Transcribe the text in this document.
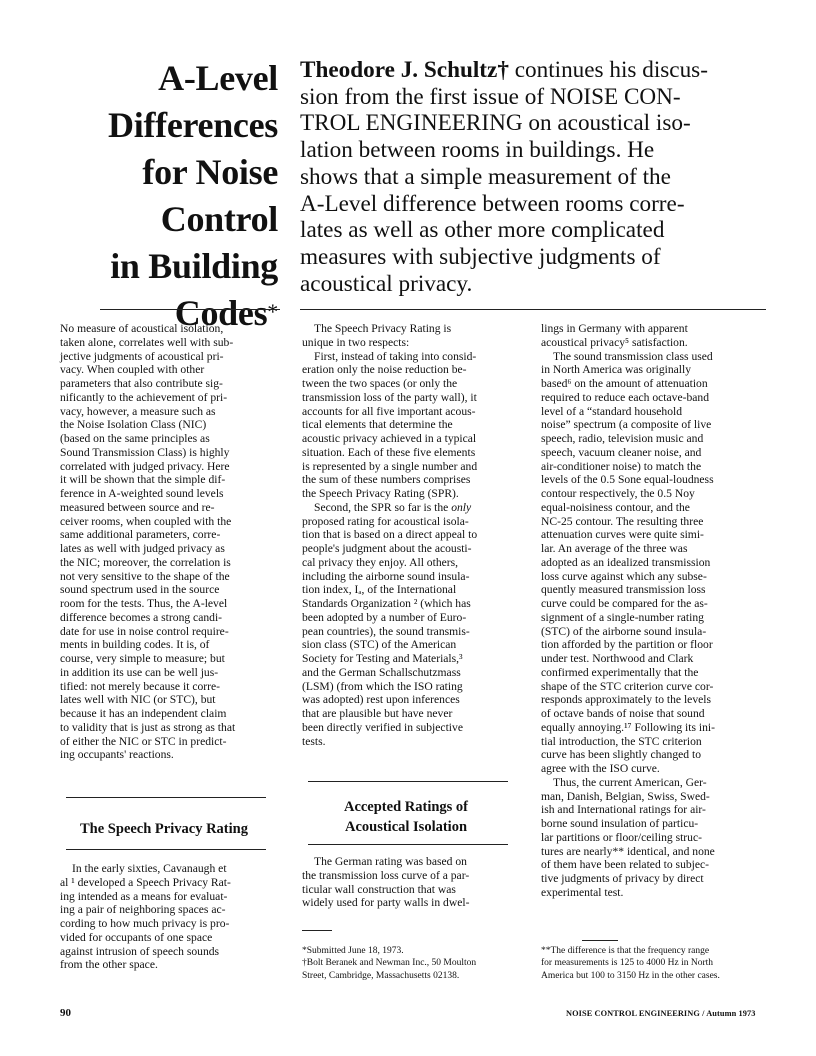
A-Level
Differences
for Noise
Control
in Building
Codes*
Theodore J. Schultz† continues his discus-
sion from the first issue of NOISE CON-
TROL ENGINEERING on acoustical iso-
lation between rooms in buildings. He
shows that a simple measurement of the
A-Level difference between rooms corre-
lates as well as other more complicated
measures with subjective judgments of
acoustical privacy.
No measure of acoustical isolation,
taken alone, correlates well with sub-
jective judgments of acoustical pri-
vacy. When coupled with other
parameters that also contribute sig-
nificantly to the achievement of pri-
vacy, however, a measure such as
the Noise Isolation Class (NIC)
(based on the same principles as
Sound Transmission Class) is highly
correlated with judged privacy. Here
it will be shown that the simple dif-
ference in A-weighted sound levels
measured between source and re-
ceiver rooms, when coupled with the
same additional parameters, corre-
lates as well with judged privacy as
the NIC; moreover, the correlation is
not very sensitive to the shape of the
sound spectrum used in the source
room for the tests. Thus, the A-level
difference becomes a strong candi-
date for use in noise control require-
ments in building codes. It is, of
course, very simple to measure; but
in addition its use can be well jus-
tified: not merely because it corre-
lates well with NIC (or STC), but
because it has an independent claim
to validity that is just as strong as that
of either the NIC or STC in predict-
ing occupants' reactions.
The Speech Privacy Rating
In the early sixties, Cavanaugh et
al ¹ developed a Speech Privacy Rat-
ing intended as a means for evaluat-
ing a pair of neighboring spaces ac-
cording to how much privacy is pro-
vided for occupants of one space
against intrusion of speech sounds
from the other space.
The Speech Privacy Rating is
unique in two respects:
First, instead of taking into consid-
eration only the noise reduction be-
tween the two spaces (or only the
transmission loss of the party wall), it
accounts for all five important acous-
tical elements that determine the
acoustic privacy achieved in a typical
situation. Each of these five elements
is represented by a single number and
the sum of these numbers comprises
the Speech Privacy Rating (SPR).
Second, the SPR so far is the only
proposed rating for acoustical isola-
tion that is based on a direct appeal to
people's judgment about the acousti-
cal privacy they enjoy. All others,
including the airborne sound insula-
tion index, Iₐ, of the International
Standards Organization ² (which has
been adopted by a number of Euro-
pean countries), the sound transmis-
sion class (STC) of the American
Society for Testing and Materials,³
and the German Schallschutzmass
(LSM) (from which the ISO rating
was adopted) rest upon inferences
that are plausible but have never
been directly verified in subjective
tests.
Accepted Ratings of
Acoustical Isolation
The German rating was based on
the transmission loss curve of a par-
ticular wall construction that was
widely used for party walls in dwel-
*Submitted June 18, 1973.
†Bolt Beranek and Newman Inc., 50 Moulton
Street, Cambridge, Massachusetts 02138.
lings in Germany with apparent
acoustical privacy⁵ satisfaction.
The sound transmission class used
in North America was originally
based⁶ on the amount of attenuation
required to reduce each octave-band
level of a “standard household
noise” spectrum (a composite of live
speech, radio, television music and
speech, vacuum cleaner noise, and
air-conditioner noise) to match the
levels of the 0.5 Sone equal-loudness
contour respectively, the 0.5 Noy
equal-noisiness contour, and the
NC-25 contour. The resulting three
attenuation curves were quite simi-
lar. An average of the three was
adopted as an idealized transmission
loss curve against which any subse-
quently measured transmission loss
curve could be compared for the as-
signment of a single-number rating
(STC) of the airborne sound insula-
tion afforded by the partition or floor
under test. Northwood and Clark
confirmed experimentally that the
shape of the STC criterion curve cor-
responds approximately to the levels
of octave bands of noise that sound
equally annoying.¹⁷ Following its ini-
tial introduction, the STC criterion
curve has been slightly changed to
agree with the ISO curve.
Thus, the current American, Ger-
man, Danish, Belgian, Swiss, Swed-
ish and International ratings for air-
borne sound insulation of particu-
lar partitions or floor/ceiling struc-
tures are nearly** identical, and none
of them have been related to subjec-
tive judgments of privacy by direct
experimental test.
**The difference is that the frequency range
for measurements is 125 to 4000 Hz in North
America but 100 to 3150 Hz in the other cases.
90	NOISE CONTROL ENGINEERING / Autumn 1973
